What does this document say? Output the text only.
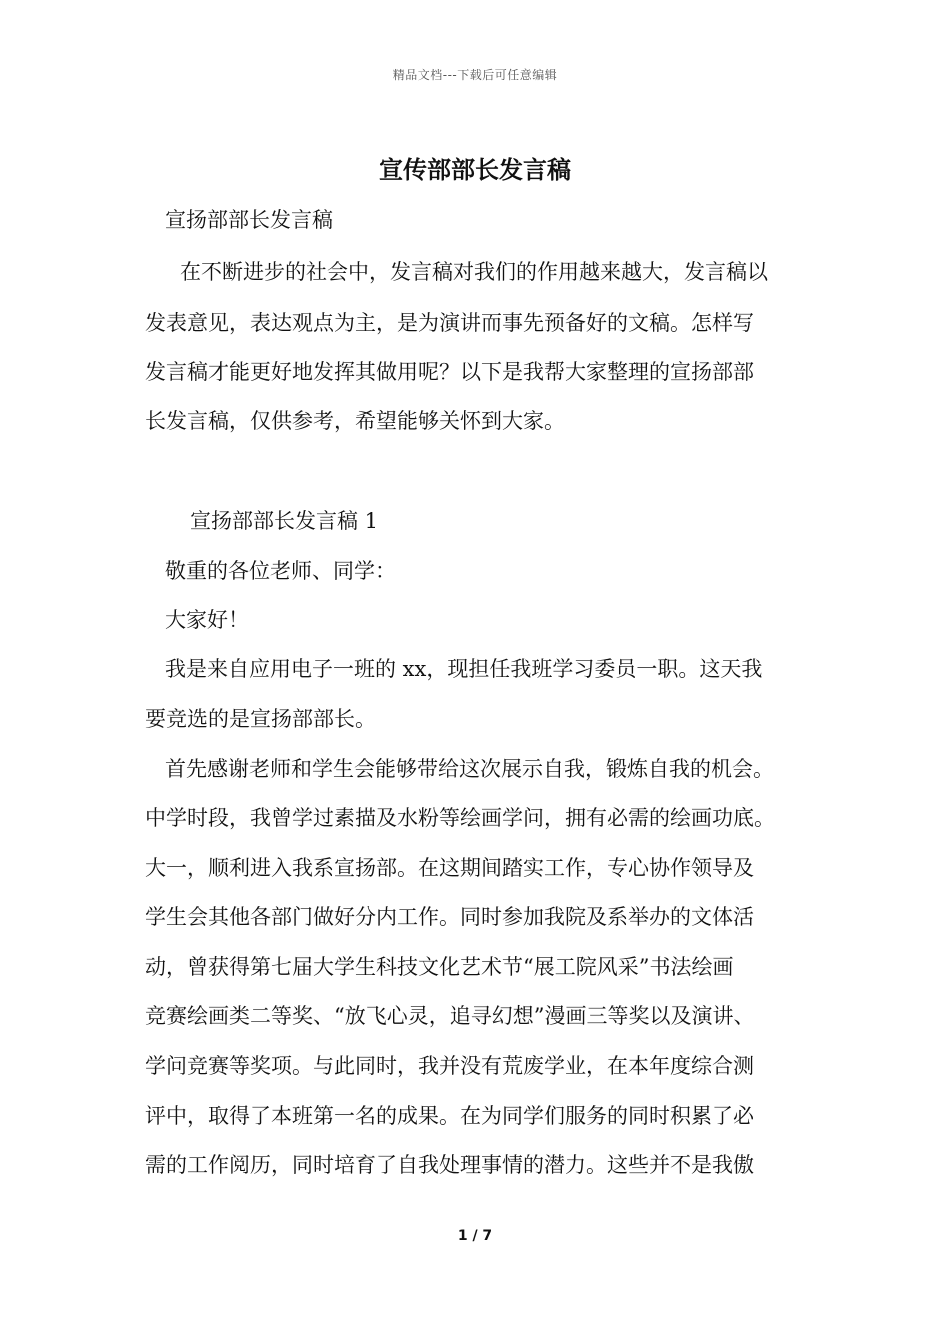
精品文档---下载后可任意编辑
宣传部部长发言稿
宣扬部部长发言稿
在不断进步的社会中，发言稿对我们的作用越来越大，发言稿以
发表意见，表达观点为主，是为演讲而事先预备好的文稿。怎样写
发言稿才能更好地发挥其做用呢？以下是我帮大家整理的宣扬部部
长发言稿，仅供参考，希望能够关怀到大家。
宣扬部部长发言稿 1
敬重的各位老师、同学：
大家好！
我是来自应用电子一班的 xx，现担任我班学习委员一职。这天我
要竞选的是宣扬部部长。
首先感谢老师和学生会能够带给这次展示自我，锻炼自我的机会。
中学时段，我曾学过素描及水粉等绘画学问，拥有必需的绘画功底。
大一，顺利进入我系宣扬部。在这期间踏实工作，专心协作领导及
学生会其他各部门做好分内工作。同时参加我院及系举办的文体活
动，曾获得第七届大学生科技文化艺术节“展工院风采”书法绘画
竞赛绘画类二等奖、“放飞心灵，追寻幻想”漫画三等奖以及演讲、
学问竞赛等奖项。与此同时，我并没有荒废学业，在本年度综合测
评中，取得了本班第一名的成果。在为同学们服务的同时积累了必
需的工作阅历，同时培育了自我处理事情的潜力。这些并不是我傲
1 / 7
